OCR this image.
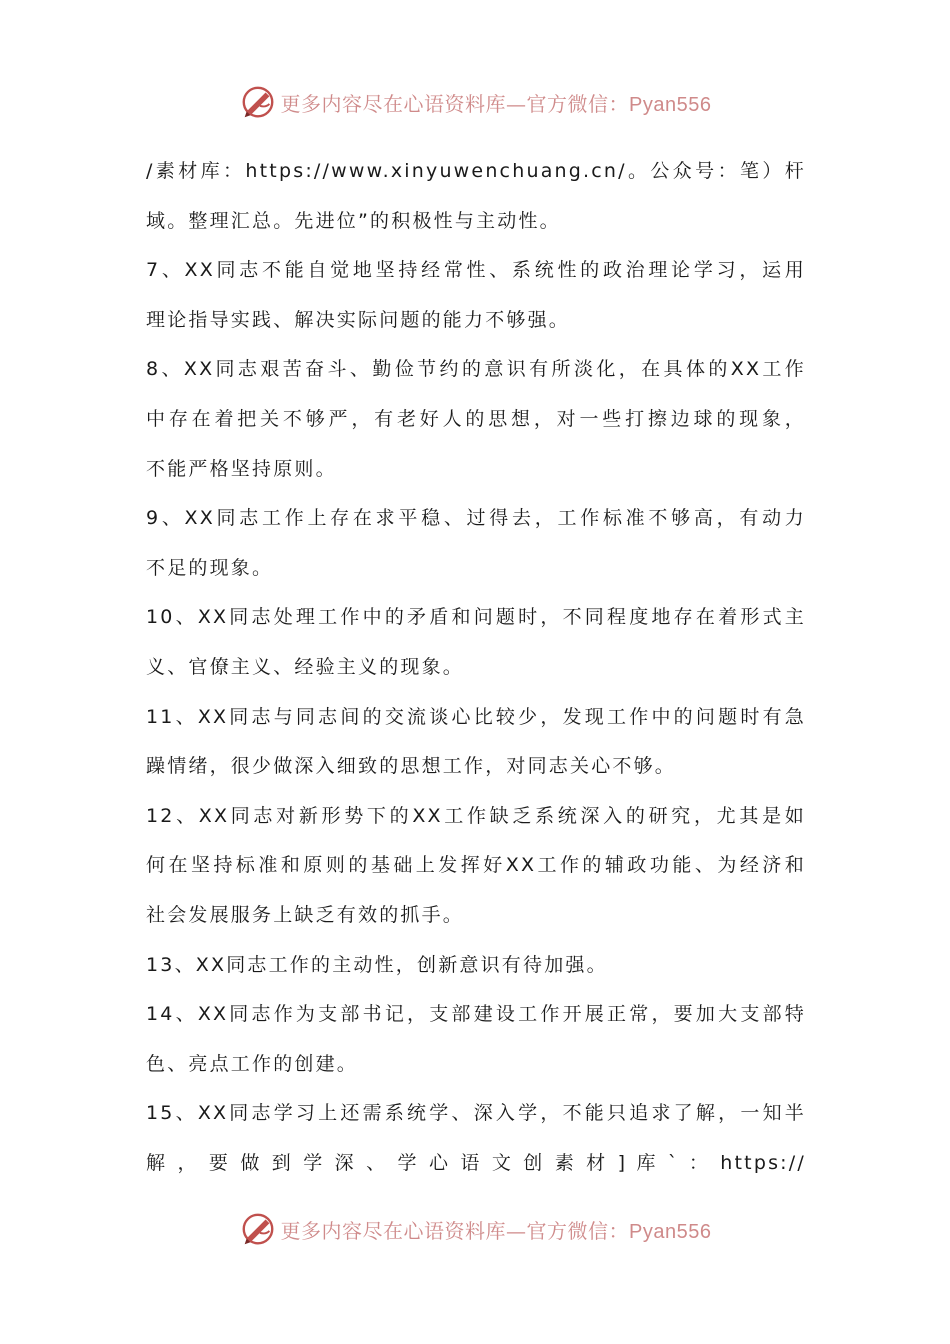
更多内容尽在心语资料库—官方微信：Pyan556
/素材库：https://www.xinyuwenchuang.cn/。公众号：笔）杆
域。整理汇总。先进位”的积极性与主动性。
7、XX同志不能自觉地坚持经常性、系统性的政治理论学习，运用
理论指导实践、解决实际问题的能力不够强。
8、XX同志艰苦奋斗、勤俭节约的意识有所淡化，在具体的XX工作
中存在着把关不够严，有老好人的思想，对一些打擦边球的现象，
不能严格坚持原则。
9、XX同志工作上存在求平稳、过得去，工作标准不够高，有动力
不足的现象。
10、XX同志处理工作中的矛盾和问题时，不同程度地存在着形式主
义、官僚主义、经验主义的现象。
11、XX同志与同志间的交流谈心比较少，发现工作中的问题时有急
躁情绪，很少做深入细致的思想工作，对同志关心不够。
12、XX同志对新形势下的XX工作缺乏系统深入的研究，尤其是如
何在坚持标准和原则的基础上发挥好XX工作的辅政功能、为经济和
社会发展服务上缺乏有效的抓手。
13、XX同志工作的主动性，创新意识有待加强。
14、XX同志作为支部书记，支部建设工作开展正常，要加大支部特
色、亮点工作的创建。
15、XX同志学习上还需系统学、深入学，不能只追求了解，一知半
解 ， 要 做 到 学 深 、 学 心 语 文 创 素 材 ] 库 ` ： https://
更多内容尽在心语资料库—官方微信：Pyan556
